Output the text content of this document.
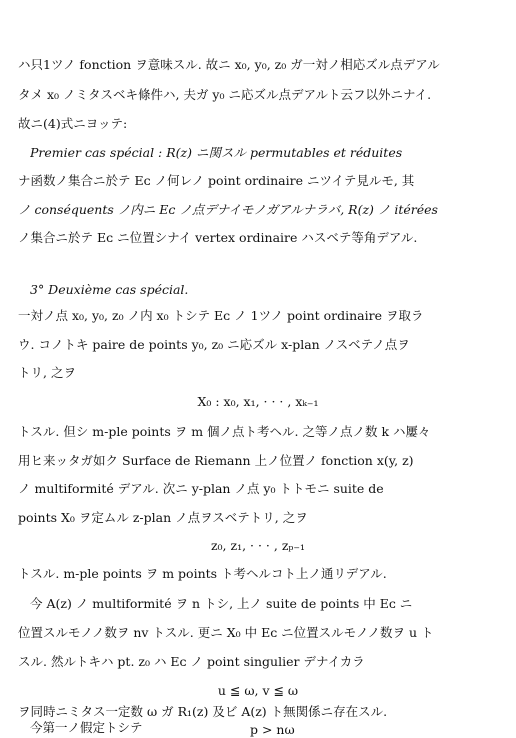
ハ只1ツノ fonction ヲ意味スル. 故ニ x₀, y₀, z₀ ガ一対ノ相応ズル点デアル
タメ x₀ ノミタスベキ條件ハ, 夫ガ y₀ ニ応ズル点デアルト云フ以外ニナイ.
故ニ(4)式ニヨッテ:
Premier cas spécial : R(z) ニ関スル permutables et réduites
ナ函数ノ集合ニ於テ Eᴄ ノ何レノ point ordinaire ニツイテ見ルモ, 其
ノ conséquents ノ内ニ Eᴄ ノ点デナイモノガアルナラバ, R(z) ノ itérées
ノ集合ニ於テ Eᴄ ニ位置シナイ vertex ordinaire ハスベテ等角デアル.
3° Deuxième cas spécial.
一対ノ点 x₀, y₀, z₀ ノ内 x₀ トシテ Eᴄ ノ 1ツノ point ordinaire ヲ取ラ
ウ. コノトキ paire de points y₀, z₀ ニ応ズル x-plan ノスベテノ点ヲ
トリ, 之ヲ
X₀ : x₀, x₁, · · · , xₖ₋₁
トスル. 但シ m-ple points ヲ m 個ノ点ト考ヘル. 之等ノ点ノ数 k ハ屢々
用ヒ来ッタガ如ク Surface de Riemann 上ノ位置ノ fonction x(y, z)
ノ multiformité デアル. 次ニ y-plan ノ点 y₀ トトモニ suite de
points X₀ ヲ定ムル z-plan ノ点ヲスベテトリ, 之ヲ
z₀, z₁, · · · , zₚ₋₁
トスル. m-ple points ヲ m points ト考ヘルコト上ノ通リデアル.
今 A(z) ノ multiformité ヲ n トシ, 上ノ suite de points 中 Eᴄ ニ
位置スルモノノ数ヲ nv トスル. 更ニ X₀ 中 Eᴄ ニ位置スルモノノ数ヲ u ト
スル. 然ルトキハ pt. z₀ ハ Eᴄ ノ point singulier デナイカラ
u ≦ ω, v ≦ ω
ヲ同時ニミタス一定数 ω ガ R₁(z) 及ビ A(z) ト無関係ニ存在スル.
今第一ノ假定トシテ	p > nω
